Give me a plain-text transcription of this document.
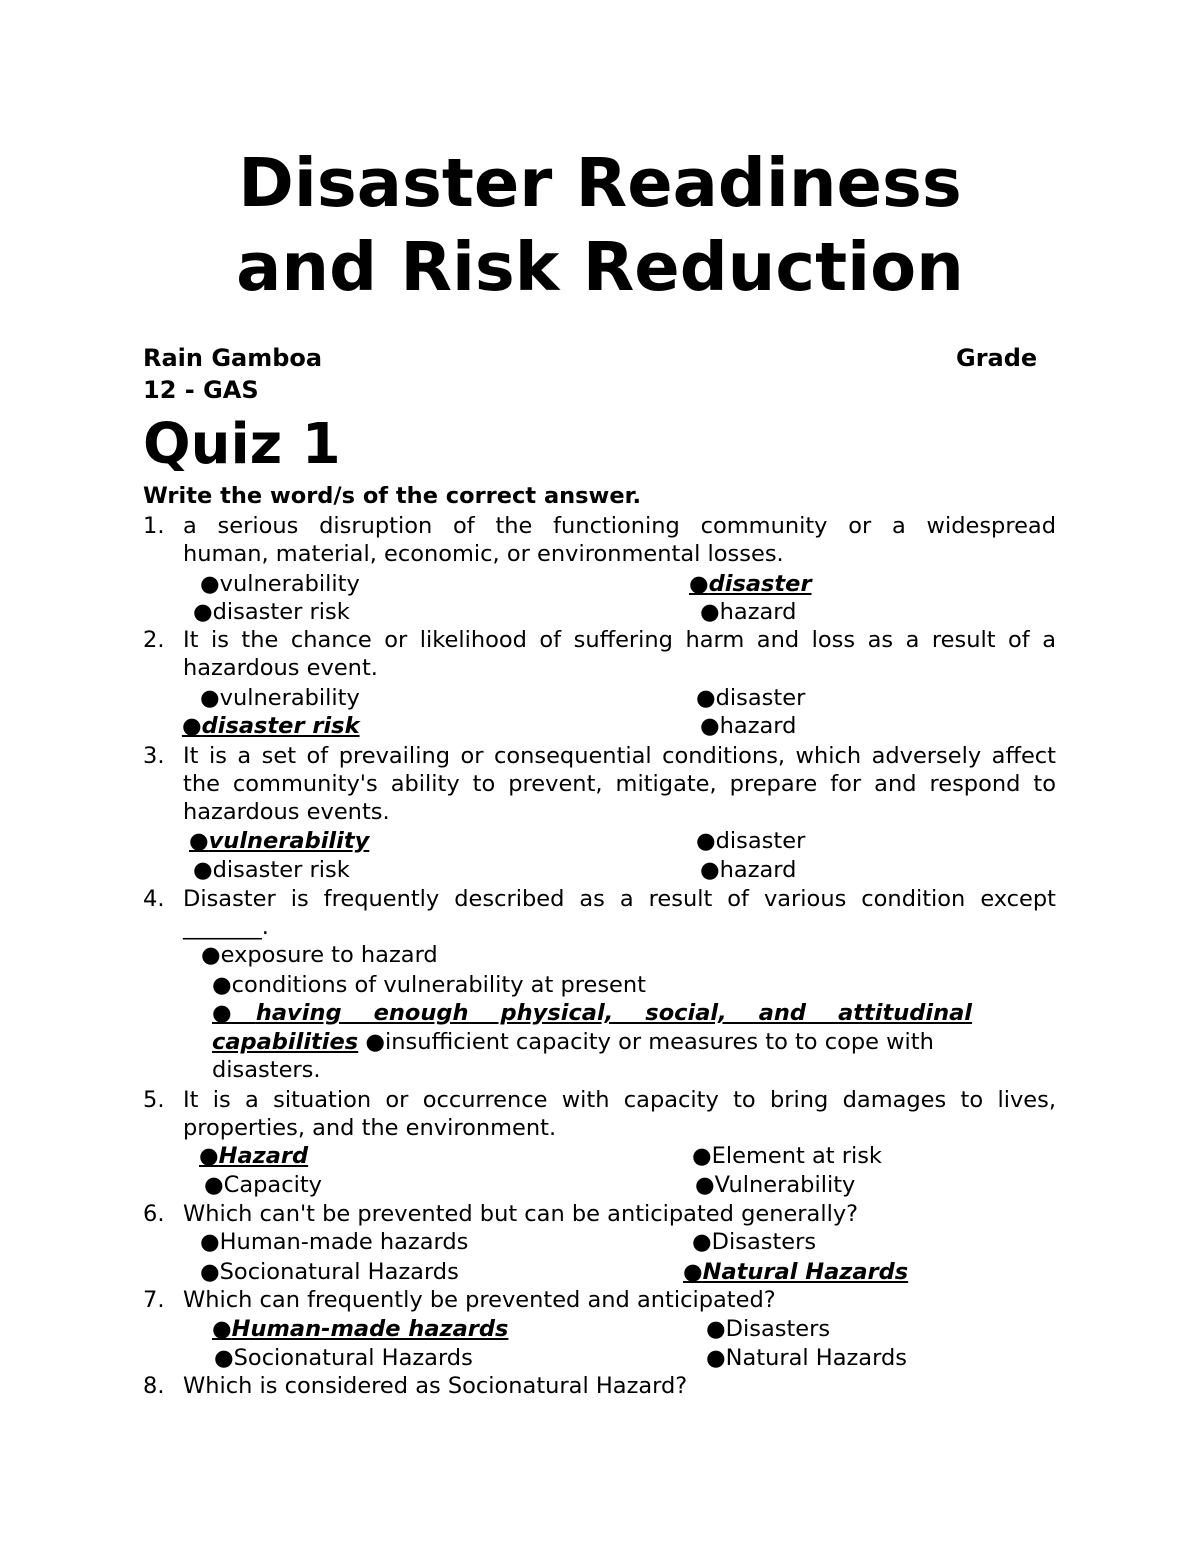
Disaster Readiness
and Risk Reduction
Rain Gamboa	Grade
12 - GAS
Quiz 1
Write the word/s of the correct answer.
1. a serious disruption of the functioning community or a widespread
human, material, economic, or environmental losses.
●vulnerability	●disaster
●disaster risk	●hazard
2. It is the chance or likelihood of suffering harm and loss as a result of a
hazardous event.
●vulnerability	●disaster
●disaster risk	●hazard
3. It is a set of prevailing or consequential conditions, which adversely affect
the community's ability to prevent, mitigate, prepare for and respond to
hazardous events.
●vulnerability	●disaster
●disaster risk	●hazard
4. Disaster is frequently described as a result of various condition except
_______.
●exposure to hazard
●conditions of vulnerability at present
●having enough physical, social, and attitudinal
capabilities ●insufficient capacity or measures to to cope with
disasters.
5. It is a situation or occurrence with capacity to bring damages to lives,
properties, and the environment.
●Hazard	●Element at risk
●Capacity	●Vulnerability
6. Which can't be prevented but can be anticipated generally?
●Human-made hazards	●Disasters
●Socionatural Hazards	●Natural Hazards
7. Which can frequently be prevented and anticipated?
●Human-made hazards	●Disasters
●Socionatural Hazards	●Natural Hazards
8. Which is considered as Socionatural Hazard?
